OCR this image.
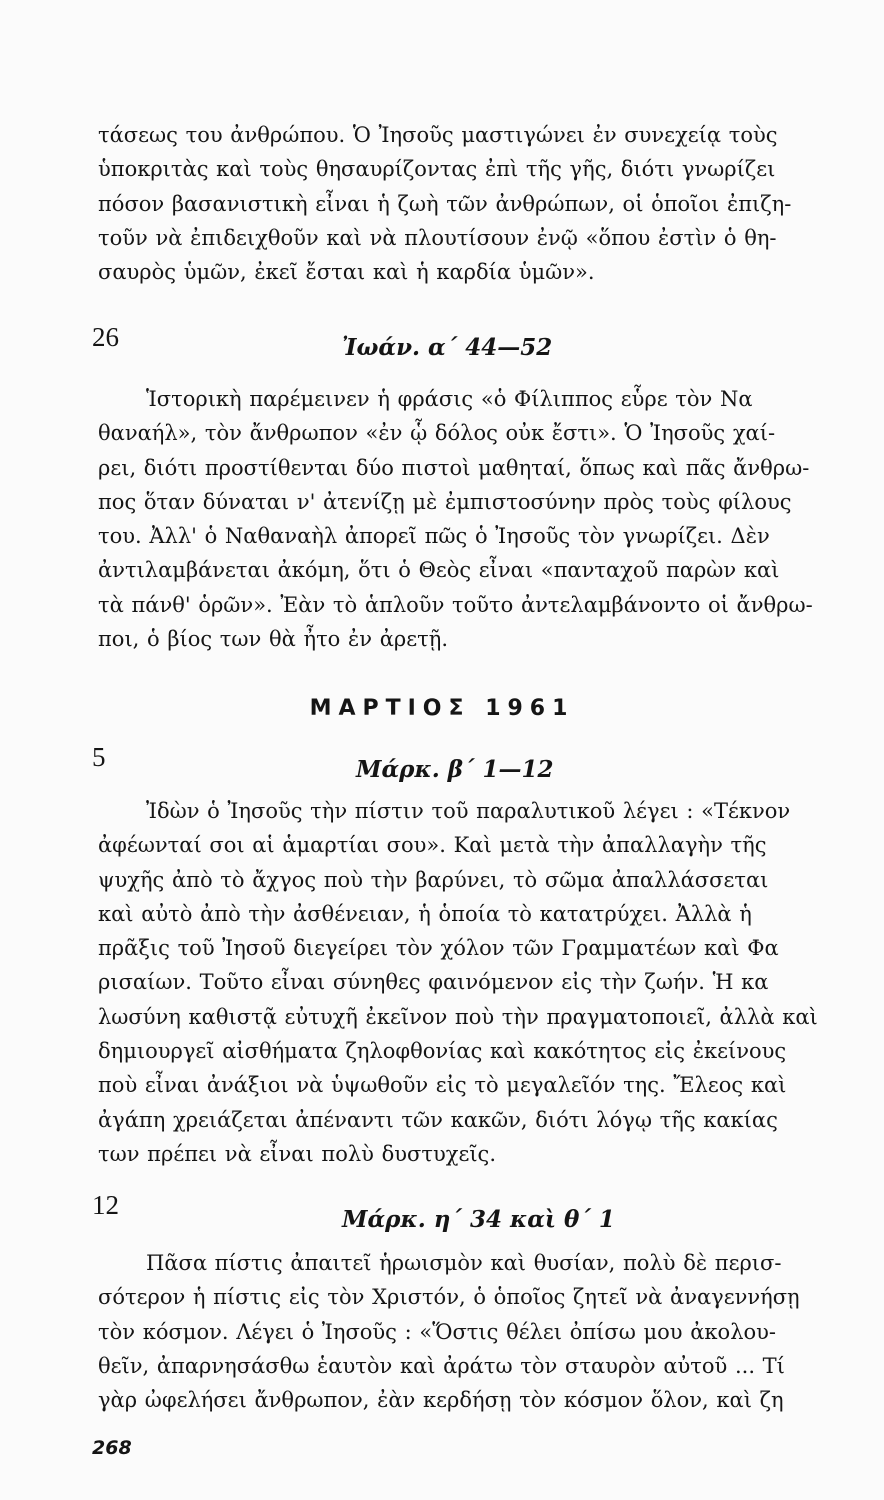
τάσεως του ἀνθρώπου. Ὁ Ἰησοῦς μαστιγώνει ἐν συνεχείᾳ τοὺς
ὑποκριτὰς καὶ τοὺς θησαυρίζοντας ἐπὶ τῆς γῆς, διότι γνωρίζει
πόσον βασανιστικὴ εἶναι ἡ ζωὴ τῶν ἀνθρώπων, οἱ ὁποῖοι ἐπιζη-
τοῦν νὰ ἐπιδειχθοῦν καὶ νὰ πλουτίσουν ἐνῷ «ὅπου ἐστὶν ὁ θη-
σαυρὸς ὑμῶν, ἐκεῖ ἔσται καὶ ἡ καρδία ὑμῶν».
26	Ἰωάν. α΄ 44—52
Ἱστορικὴ παρέμεινεν ἡ φράσις «ὁ Φίλιππος εὗρε τὸν Να
θαναήλ», τὸν ἄνθρωπον «ἐν ᾧ δόλος οὐκ ἔστι». Ὁ Ἰησοῦς χαί-
ρει, διότι προστίθενται δύο πιστοὶ μαθηταί, ὅπως καὶ πᾶς ἄνθρω-
πος ὅταν δύναται ν' ἀτενίζῃ μὲ ἐμπιστοσύνην πρὸς τοὺς φίλους
του. Ἀλλ' ὁ Ναθαναὴλ ἀπορεῖ πῶς ὁ Ἰησοῦς τὸν γνωρίζει. Δὲν
ἀντιλαμβάνεται ἀκόμη, ὅτι ὁ Θεὸς εἶναι «πανταχοῦ παρὼν καὶ
τὰ πάνθ' ὁρῶν». Ἐὰν τὸ ἁπλοῦν τοῦτο ἀντελαμβάνοντο οἱ ἄνθρω-
ποι, ὁ βίος των θὰ ἦτο ἐν ἀρετῇ.
ΜΑΡΤΙΟΣ 1961
5	Μάρκ. β΄ 1—12
Ἰδὼν ὁ Ἰησοῦς τὴν πίστιν τοῦ παραλυτικοῦ λέγει : «Τέκνον
ἀφέωνταί σοι αἱ ἁμαρτίαι σου». Καὶ μετὰ τὴν ἀπαλλαγὴν τῆς
ψυχῆς ἀπὸ τὸ ἄχγος ποὺ τὴν βαρύνει, τὸ σῶμα ἀπαλλάσσεται
καὶ αὐτὸ ἀπὸ τὴν ἀσθένειαν, ἡ ὁποία τὸ κατατρύχει. Ἀλλὰ ἡ
πρᾶξις τοῦ Ἰησοῦ διεγείρει τὸν χόλον τῶν Γραμματέων καὶ Φα
ρισαίων. Τοῦτο εἶναι σύνηθες φαινόμενον εἰς τὴν ζωήν. Ἡ κα
λωσύνη καθιστᾷ εὐτυχῆ ἐκεῖνον ποὺ τὴν πραγματοποιεῖ, ἀλλὰ καὶ
δημιουργεῖ αἰσθήματα ζηλοφθονίας καὶ κακότητος εἰς ἐκείνους
ποὺ εἶναι ἀνάξιοι νὰ ὑψωθοῦν εἰς τὸ μεγαλεῖόν της. Ἔλεος καὶ
ἀγάπη χρειάζεται ἀπέναντι τῶν κακῶν, διότι λόγῳ τῆς κακίας
των πρέπει νὰ εἶναι πολὺ δυστυχεῖς.
12	Μάρκ. η΄ 34 καὶ θ΄ 1
Πᾶσα πίστις ἀπαιτεῖ ἡρωισμὸν καὶ θυσίαν, πολὺ δὲ περισ-
σότερον ἡ πίστις εἰς τὸν Χριστόν, ὁ ὁποῖος ζητεῖ νὰ ἀναγεννήσῃ
τὸν κόσμον. Λέγει ὁ Ἰησοῦς : «Ὅστις θέλει ὀπίσω μου ἀκολου-
θεῖν, ἀπαρνησάσθω ἑαυτὸν καὶ ἀράτω τὸν σταυρὸν αὐτοῦ ... Τί
γὰρ ὠφελήσει ἄνθρωπον, ἐὰν κερδήσῃ τὸν κόσμον ὅλον, καὶ ζη
268
